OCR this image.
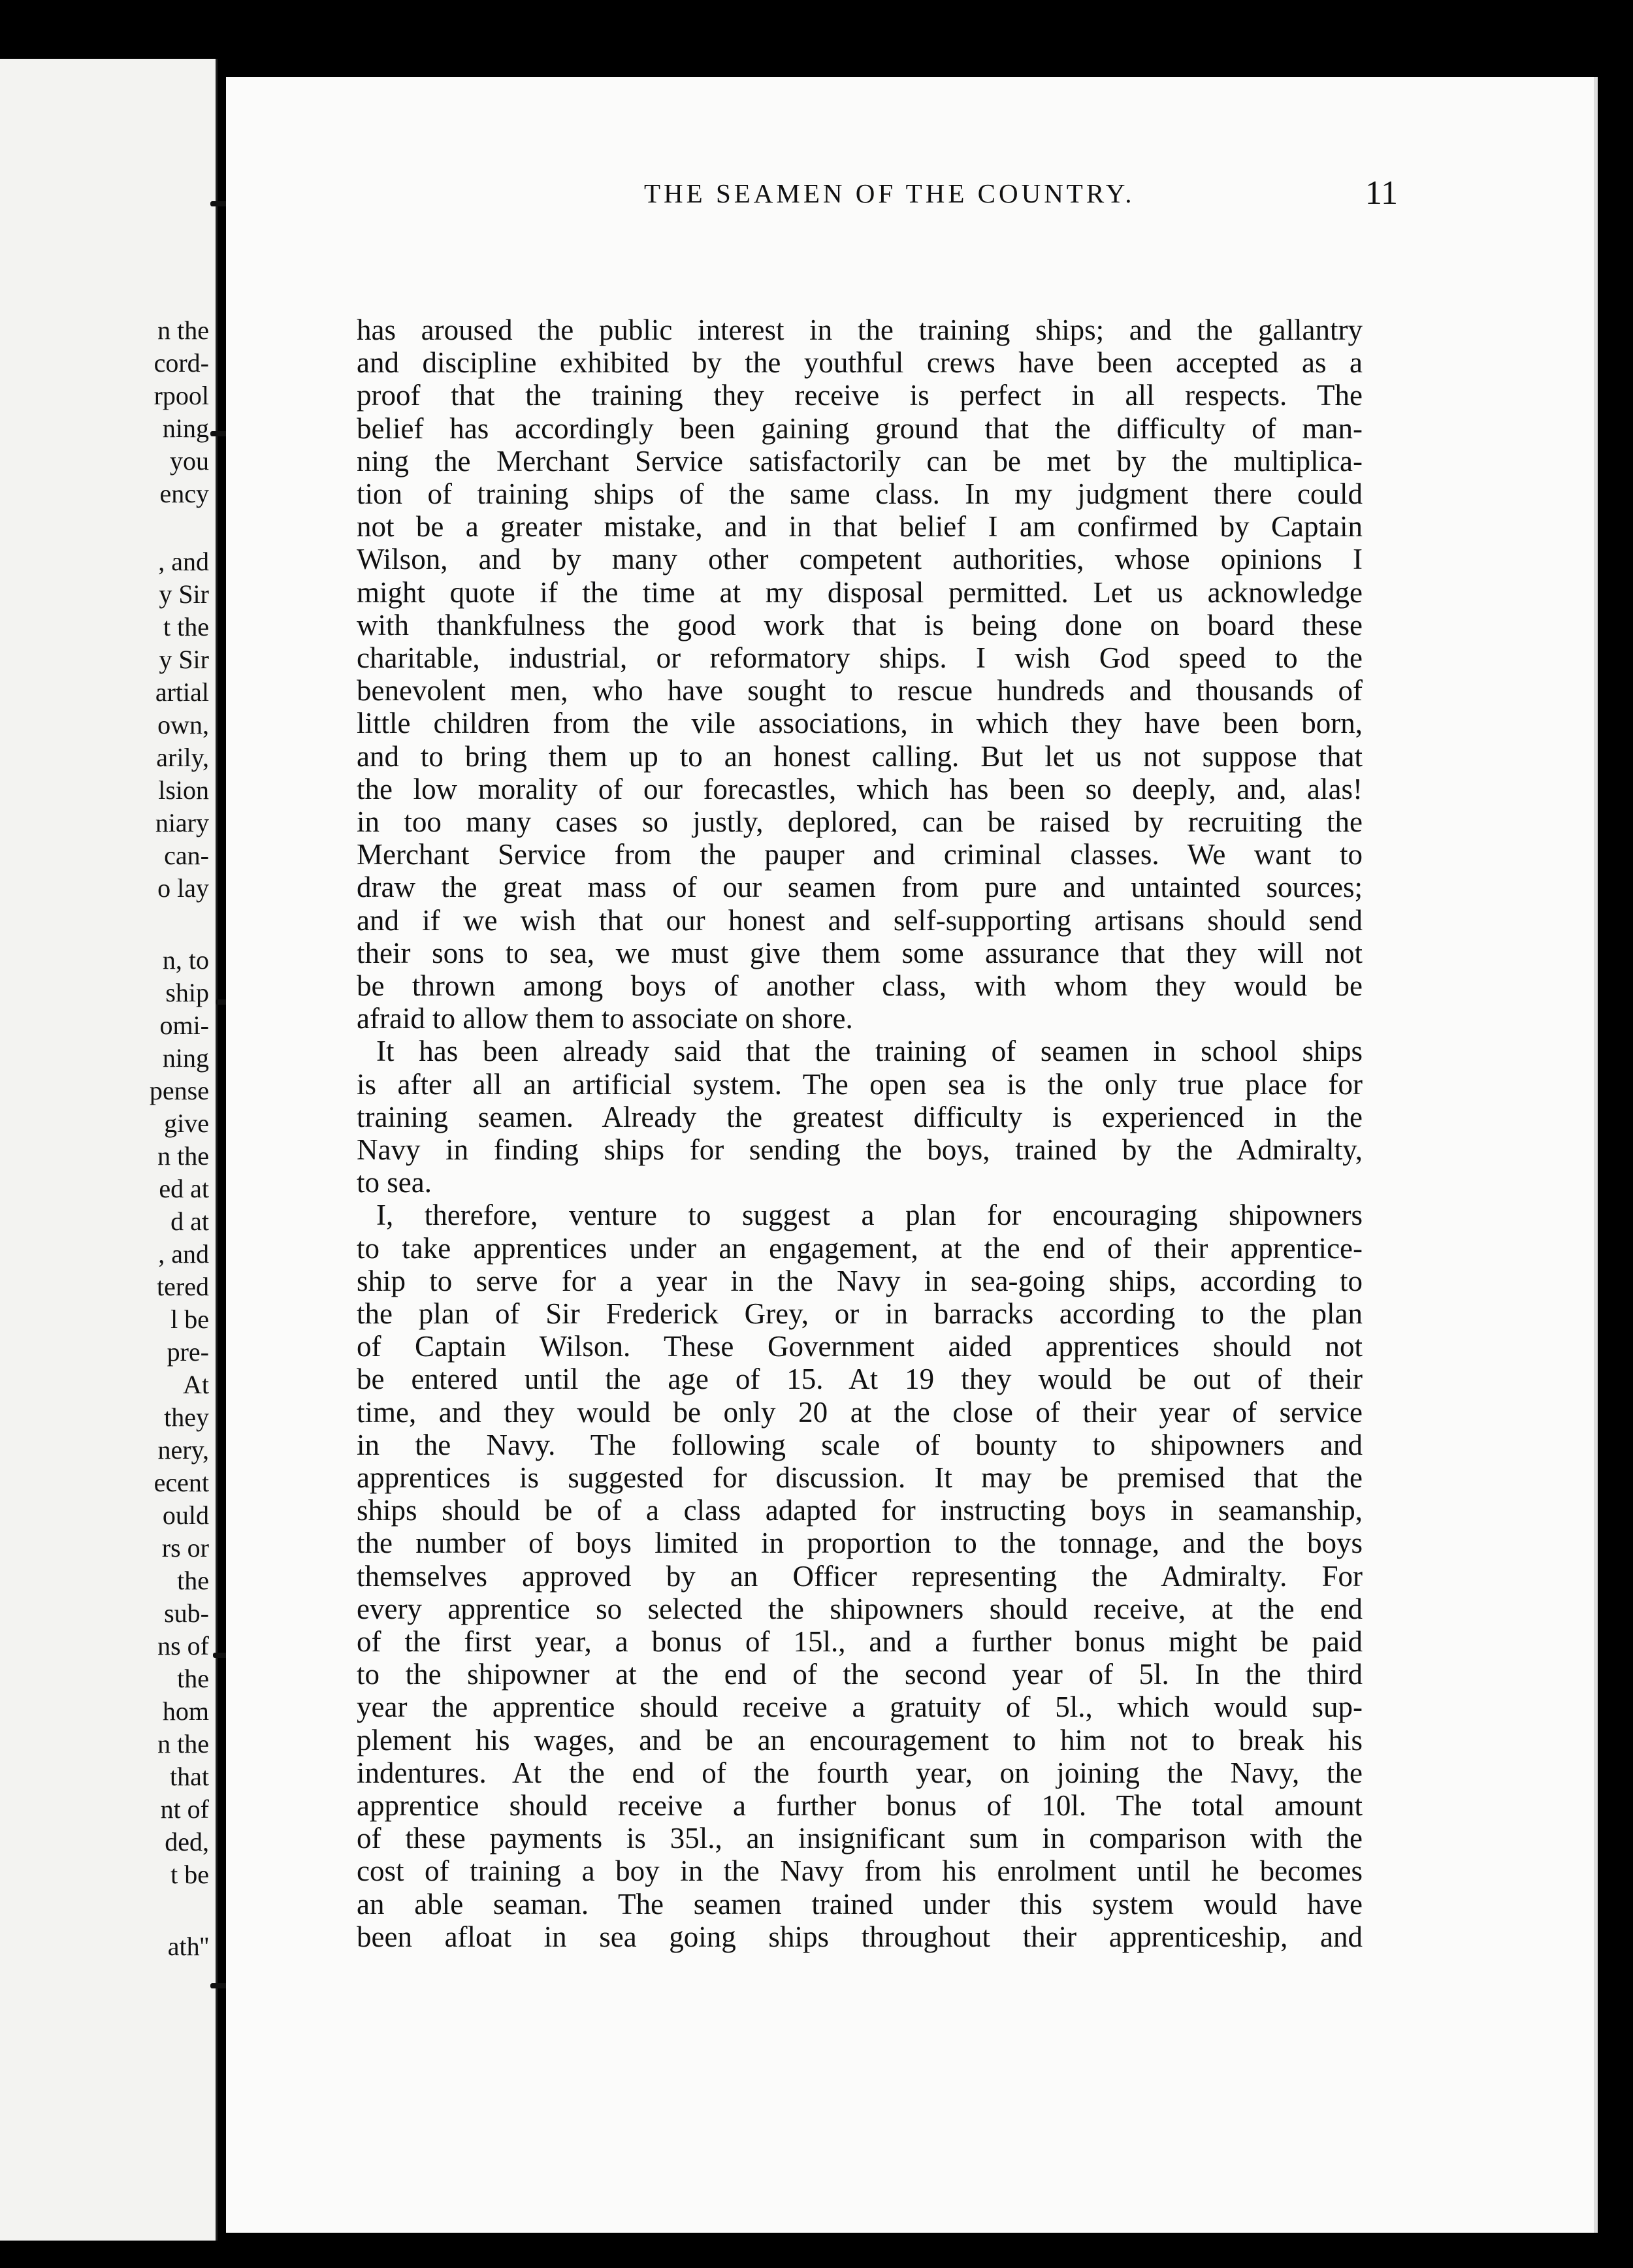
n the
cord-
rpool
ning
you
ency
, and
y Sir
t the
y Sir
artial
own,
arily,
lsion
niary
can-
o lay
n, to
ship
omi-
ning
pense
give
n the
ed at
d at
, and
tered
l be
pre-
At
they
nery,
ecent
ould
rs or
the
sub-
ns of
the
hom
n the
that
nt of
ded,
t be
ath''
THE SEAMEN OF THE COUNTRY.	11
has aroused the public interest in the training ships; and the gallantry
and discipline exhibited by the youthful crews have been accepted as a
proof that the training they receive is perfect in all respects. The
belief has accordingly been gaining ground that the difficulty of man-
ning the Merchant Service satisfactorily can be met by the multiplica-
tion of training ships of the same class. In my judgment there could
not be a greater mistake, and in that belief I am confirmed by Captain
Wilson, and by many other competent authorities, whose opinions I
might quote if the time at my disposal permitted. Let us acknowledge
with thankfulness the good work that is being done on board these
charitable, industrial, or reformatory ships. I wish God speed to the
benevolent men, who have sought to rescue hundreds and thousands of
little children from the vile associations, in which they have been born,
and to bring them up to an honest calling. But let us not suppose that
the low morality of our forecastles, which has been so deeply, and, alas!
in too many cases so justly, deplored, can be raised by recruiting the
Merchant Service from the pauper and criminal classes. We want to
draw the great mass of our seamen from pure and untainted sources;
and if we wish that our honest and self-supporting artisans should send
their sons to sea, we must give them some assurance that they will not
be thrown among boys of another class, with whom they would be
afraid to allow them to associate on shore.
It has been already said that the training of seamen in school ships
is after all an artificial system. The open sea is the only true place for
training seamen. Already the greatest difficulty is experienced in the
Navy in finding ships for sending the boys, trained by the Admiralty,
to sea.
I, therefore, venture to suggest a plan for encouraging shipowners
to take apprentices under an engagement, at the end of their apprentice-
ship to serve for a year in the Navy in sea-going ships, according to
the plan of Sir Frederick Grey, or in barracks according to the plan
of Captain Wilson. These Government aided apprentices should not
be entered until the age of 15. At 19 they would be out of their
time, and they would be only 20 at the close of their year of service
in the Navy. The following scale of bounty to shipowners and
apprentices is suggested for discussion. It may be premised that the
ships should be of a class adapted for instructing boys in seamanship,
the number of boys limited in proportion to the tonnage, and the boys
themselves approved by an Officer representing the Admiralty. For
every apprentice so selected the shipowners should receive, at the end
of the first year, a bonus of 15l., and a further bonus might be paid
to the shipowner at the end of the second year of 5l. In the third
year the apprentice should receive a gratuity of 5l., which would sup-
plement his wages, and be an encouragement to him not to break his
indentures. At the end of the fourth year, on joining the Navy, the
apprentice should receive a further bonus of 10l. The total amount
of these payments is 35l., an insignificant sum in comparison with the
cost of training a boy in the Navy from his enrolment until he becomes
an able seaman. The seamen trained under this system would have
been afloat in sea going ships throughout their apprenticeship, and
